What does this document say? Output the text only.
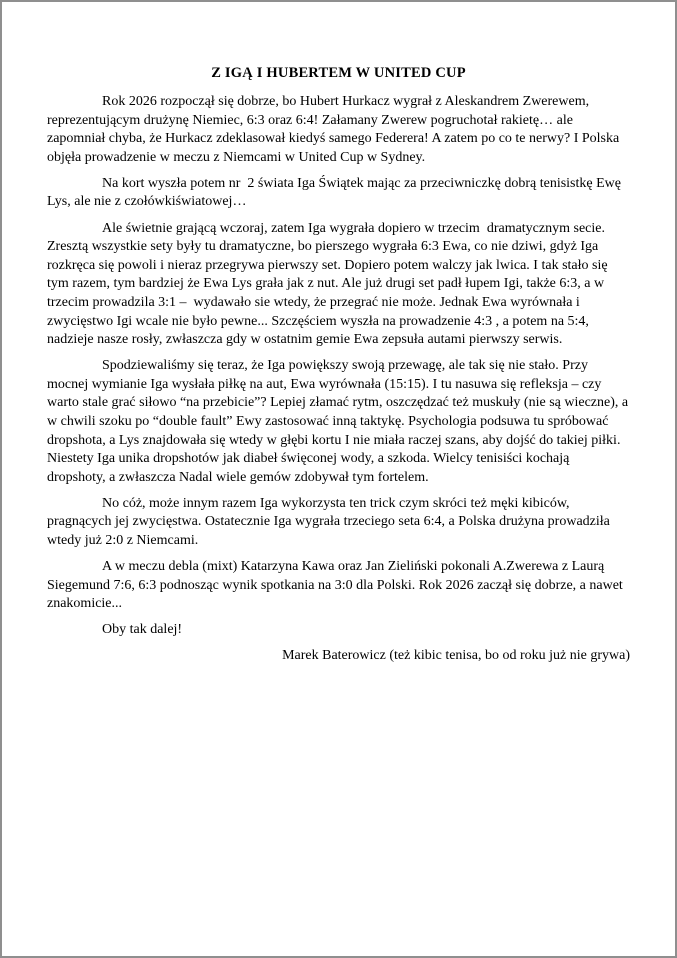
Z IGĄ I HUBERTEM W UNITED CUP

Rok 2026 rozpoczął się dobrze, bo Hubert Hurkacz wygrał z Aleskandrem Zwerewem, reprezentującym drużynę Niemiec, 6:3 oraz 6:4! Załamany Zwerew pogruchotał rakietę… ale zapomniał chyba, że Hurkacz zdeklasował kiedyś samego Federera! A zatem po co te nerwy? I Polska objęła prowadzenie w meczu z Niemcami w United Cup w Sydney.

Na kort wyszła potem nr  2 świata Iga Świątek mając za przeciwniczkę dobrą tenisistkę Ewę Lys, ale nie z czołówkiświatowej…

Ale świetnie grającą wczoraj, zatem Iga wygrała dopiero w trzecim  dramatycznym secie. Zresztą wszystkie sety były tu dramatyczne, bo pierszego wygrała 6:3 Ewa, co nie dziwi, gdyż Iga rozkręca się powoli i nieraz przegrywa pierwszy set. Dopiero potem walczy jak lwica. I tak stało się tym razem, tym bardziej że Ewa Lys grała jak z nut. Ale już drugi set padł łupem Igi, także 6:3, a w trzecim prowadzila 3:1 –  wydawało sie wtedy, że przegrać nie może. Jednak Ewa wyrównała i zwycięstwo Igi wcale nie było pewne... Szczęściem wyszła na prowadzenie 4:3 , a potem na 5:4, nadzieje nasze rosły, zwłaszcza gdy w ostatnim gemie Ewa zepsuła autami pierwszy serwis.

Spodziewaliśmy się teraz, że Iga powiększy swoją przewagę, ale tak się nie stało. Przy mocnej wymianie Iga wysłała piłkę na aut, Ewa wyrównała (15:15). I tu nasuwa się refleksja – czy warto stale grać siłowo “na przebicie”? Lepiej złamać rytm, oszczędzać też muskuły (nie są wieczne), a w chwili szoku po “double fault” Ewy zastosować inną taktykę. Psychologia podsuwa tu spróbować dropshota, a Lys znajdowała się wtedy w głębi kortu I nie miała raczej szans, aby dojść do takiej piłki. Niestety Iga unika dropshotów jak diabeł święconej wody, a szkoda. Wielcy tenisiści kochają dropshoty, a zwłaszcza Nadal wiele gemów zdobywał tym fortelem.

No cóż, może innym razem Iga wykorzysta ten trick czym skróci też męki kibiców, pragnących jej zwycięstwa. Ostatecznie Iga wygrała trzeciego seta 6:4, a Polska drużyna prowadziła wtedy już 2:0 z Niemcami.

A w meczu debla (mixt) Katarzyna Kawa oraz Jan Zieliński pokonali A.Zwerewa z Laurą Siegemund 7:6, 6:3 podnosząc wynik spotkania na 3:0 dla Polski. Rok 2026 zaczął się dobrze, a nawet znakomicie...

Oby tak dalej!

Marek Baterowicz (też kibic tenisa, bo od roku już nie grywa)
